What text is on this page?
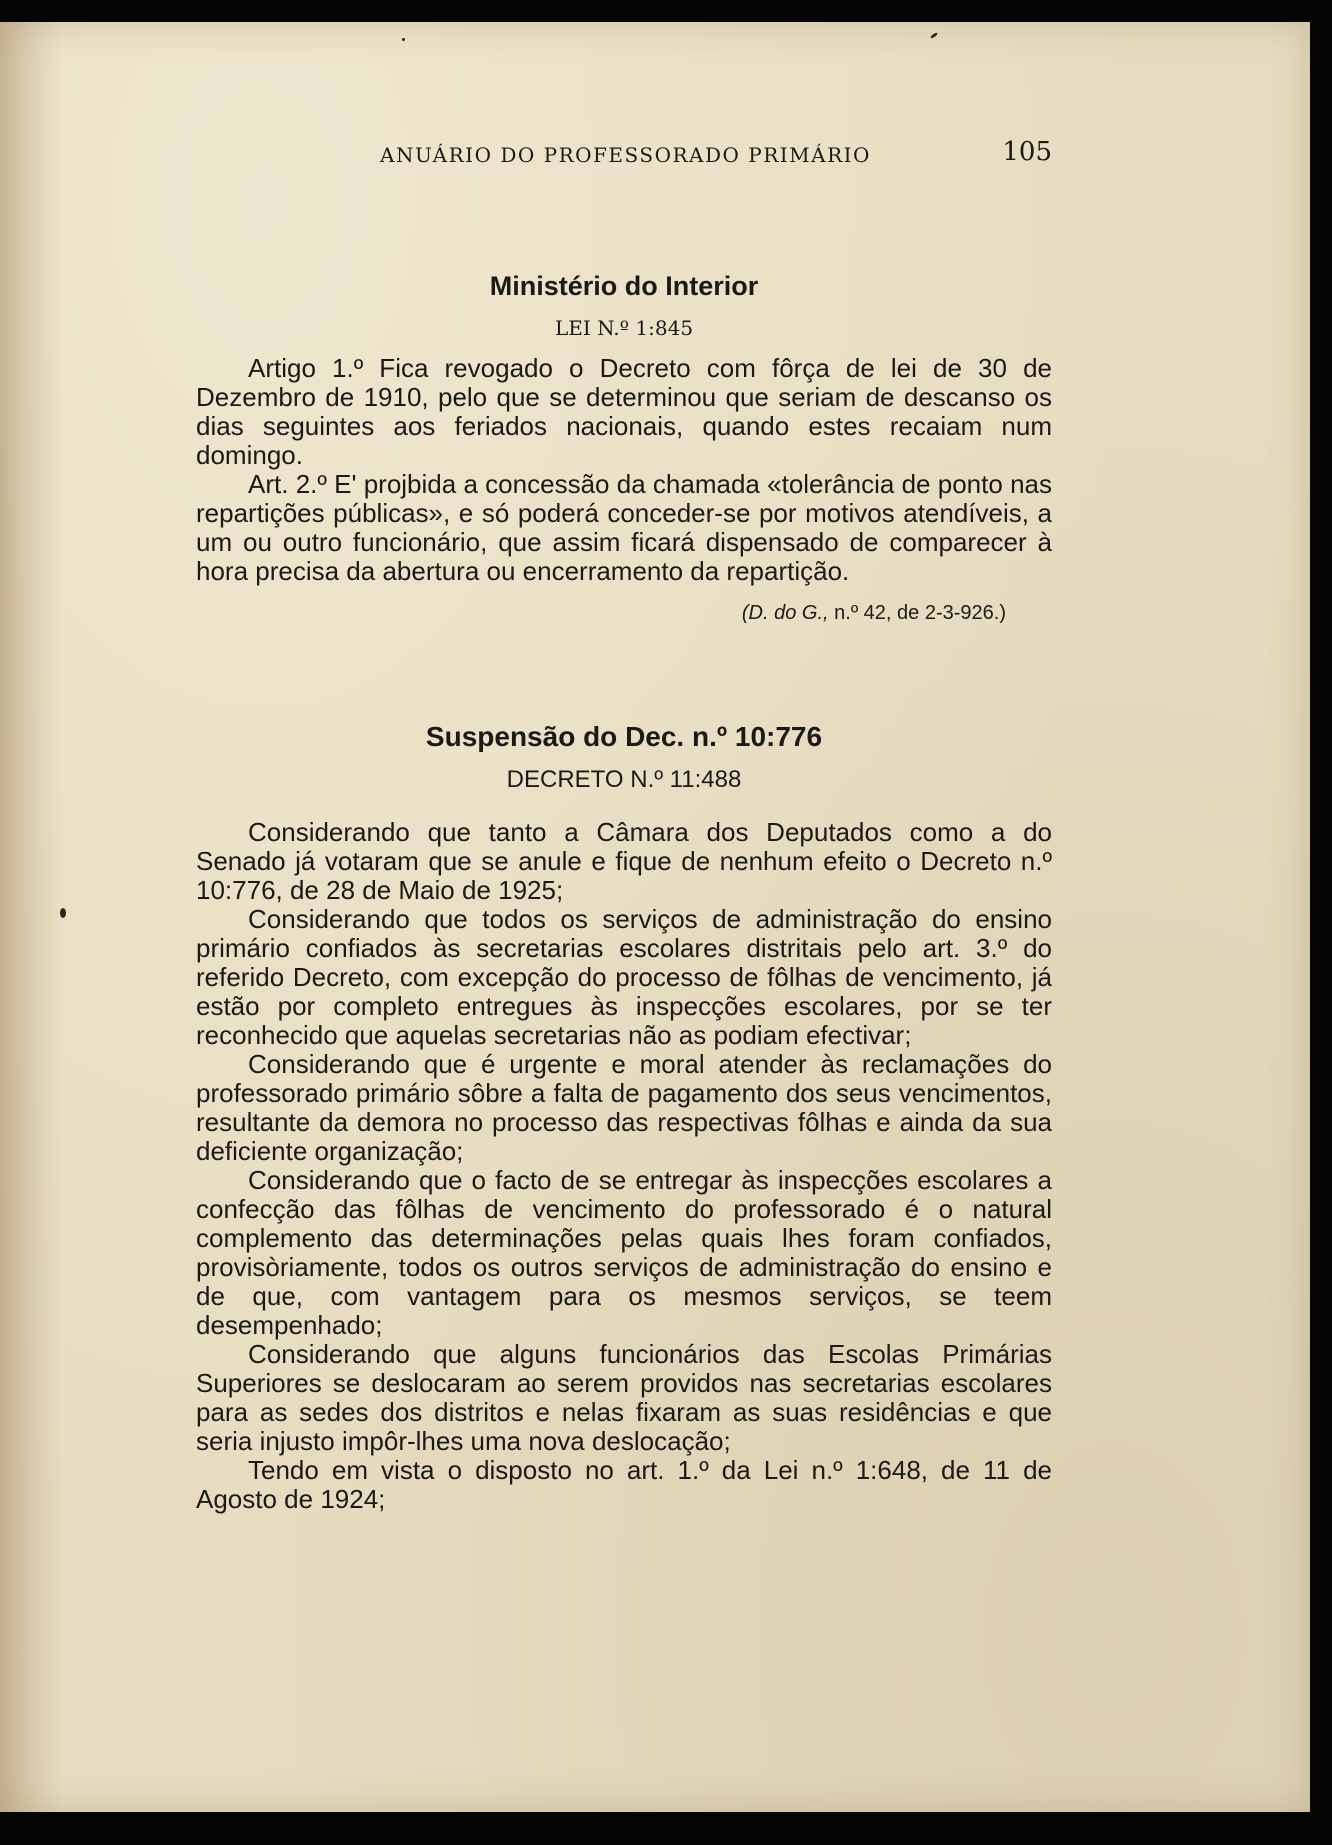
ANUÁRIO DO PROFESSORADO PRIMÁRIO	105
Ministério do Interior

LEI N.º 1:845

Artigo 1.º Fica revogado o Decreto com fôrça de lei de 30 de Dezembro de 1910, pelo que se determinou que seriam de descanso os dias seguintes aos feriados nacionais, quando estes recaiam num domingo.

Art. 2.º E' projbida a concessão da chamada «tolerância de ponto nas repartições públicas», e só poderá conceder-se por motivos atendíveis, a um ou outro funcionário, que assim ficará dispensado de comparecer à hora precisa da abertura ou encerramento da repartição.

(D. do G., n.º 42, de 2-3-926.)

Suspensão do Dec. n.º 10:776

DECRETO N.º 11:488

Considerando que tanto a Câmara dos Deputados como a do Senado já votaram que se anule e fique de nenhum efeito o Decreto n.º 10:776, de 28 de Maio de 1925;

Considerando que todos os serviços de administração do ensino primário confiados às secretarias escolares distritais pelo art. 3.º do referido Decreto, com excepção do processo de fôlhas de vencimento, já estão por completo entregues às inspecções escolares, por se ter reconhecido que aquelas secretarias não as podiam efectivar;

Considerando que é urgente e moral atender às reclamações do professorado primário sôbre a falta de pagamento dos seus vencimentos, resultante da demora no processo das respectivas fôlhas e ainda da sua deficiente organização;

Considerando que o facto de se entregar às inspecções escolares a confecção das fôlhas de vencimento do professorado é o natural complemento das determinações pelas quais lhes foram confiados, provisòriamente, todos os outros serviços de administração do ensino e de que, com vantagem para os mesmos serviços, se teem desempenhado;

Considerando que alguns funcionários das Escolas Primárias Superiores se deslocaram ao serem providos nas secretarias escolares para as sedes dos distritos e nelas fixaram as suas residências e que seria injusto impôr-lhes uma nova deslocação;

Tendo em vista o disposto no art. 1.º da Lei n.º 1:648, de 11 de Agosto de 1924;
